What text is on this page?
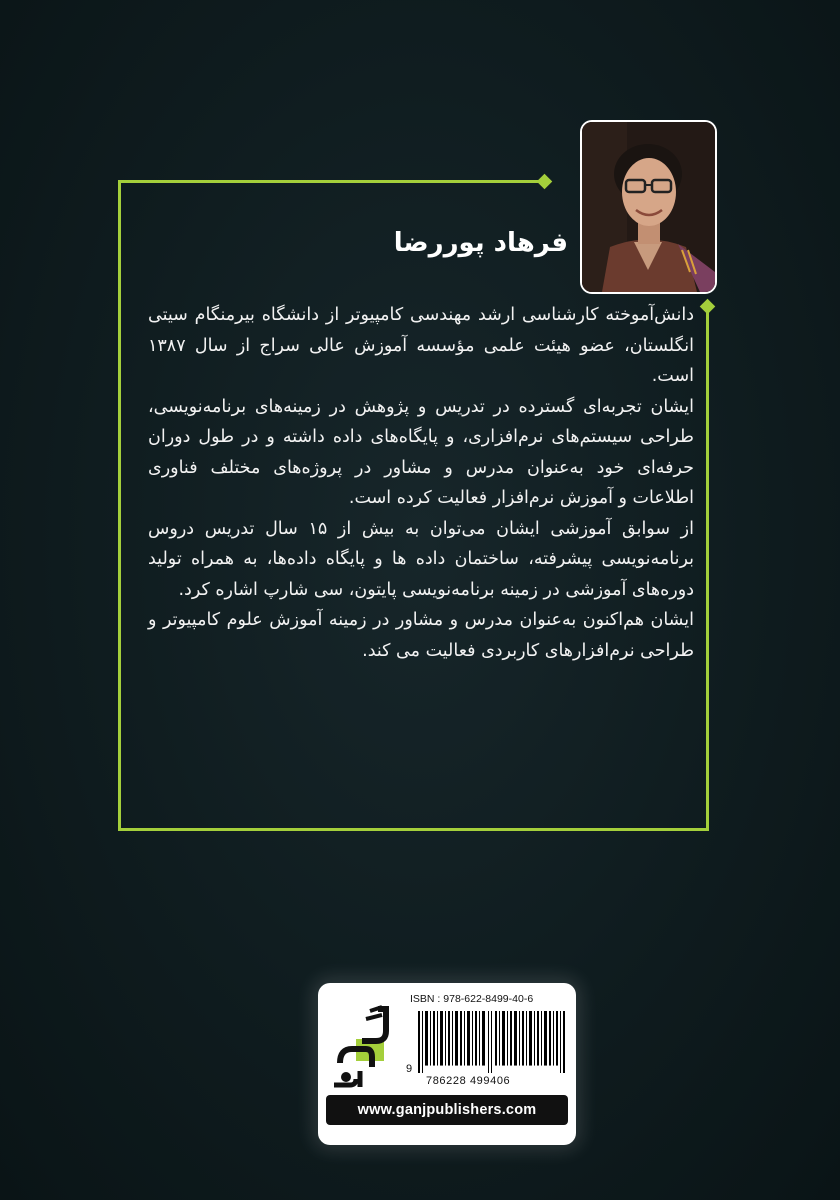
فرهاد پوررضا

دانش‌آموخته کارشناسی ارشد مهندسی کامپیوتر از دانشگاه بیرمنگام سیتی انگلستان، عضو هیئت علمی مؤسسه آموزش عالی سراج از سال ۱۳۸۷ است.

ایشان تجربه‌ای گسترده در تدریس و پژوهش در زمینه‌های برنامه‌نویسی، طراحی سیستم‌های نرم‌افزاری، و پایگاه‌های داده داشته و در طول دوران حرفه‌ای خود به‌عنوان مدرس و مشاور در پروژه‌های مختلف فناوری اطلاعات و آموزش نرم‌افزار فعالیت کرده است.

از سوابق آموزشی ایشان می‌توان به بیش از ۱۵ سال تدریس دروس برنامه‌نویسی پیشرفته، ساختمان داده ها و پایگاه داده‌ها، به همراه تولید دوره‌های آموزشی در زمینه برنامه‌نویسی پایتون، سی شارپ اشاره کرد.

ایشان هم‌اکنون به‌عنوان مدرس و مشاور در زمینه آموزش علوم کامپیوتر و طراحی نرم‌افزارهای کاربردی فعالیت می کند.

ISBN : 978-622-8499-40-6
9
786228 499406
www.ganjpublishers.com
